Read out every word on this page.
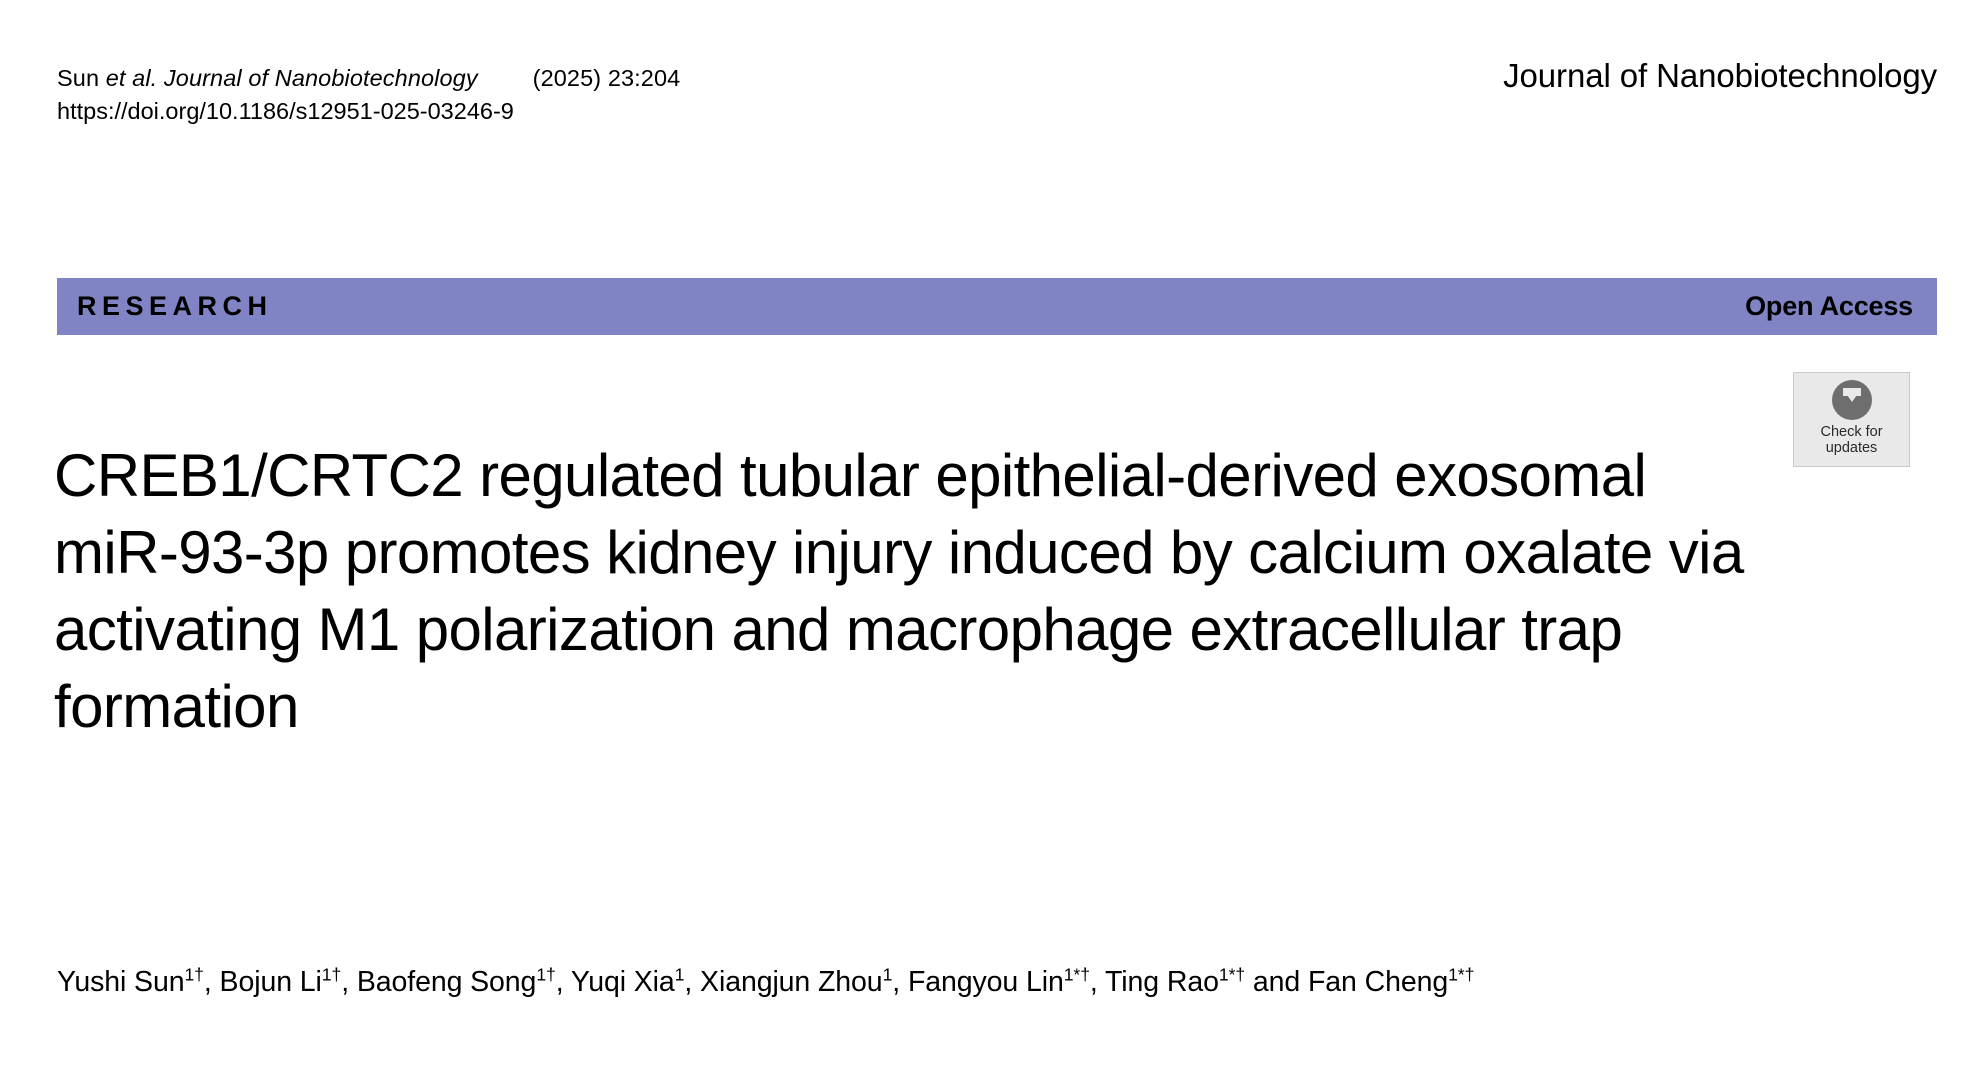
Sun et al. Journal of Nanobiotechnology (2025) 23:204
https://doi.org/10.1186/s12951-025-03246-9
Journal of Nanobiotechnology
RESEARCH	Open Access
Check for
updates
CREB1/CRTC2 regulated tubular epithelial-derived exosomal miR-93-3p promotes kidney injury induced by calcium oxalate via activating M1 polarization and macrophage extracellular trap formation
Yushi Sun$^{1\dagger}$, Bojun $Li^{1\dagger}$, Baofeng Song$^{1\dagger}$, Yuqi Xia$^1$, Xiangjun Zhou$^1$, Fangyou Lin$^{1*\dagger}$, Ting Rao$^{1*\dagger}$ and Fan Cheng$^{1*\dagger}$
